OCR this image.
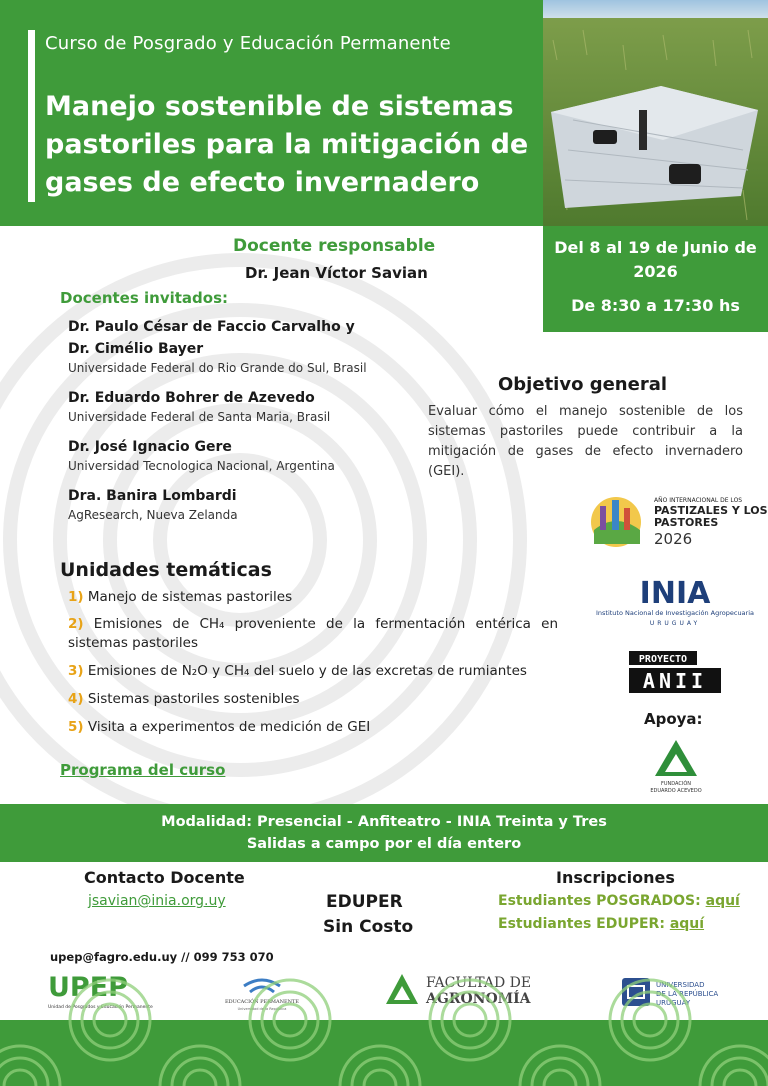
Curso de Posgrado y Educación Permanente
Manejo sostenible de sistemas pastoriles para la mitigación de gases de efecto invernadero
Del 8 al 19 de Junio de 2026
De 8:30 a 17:30 hs
Docente responsable
Dr. Jean Víctor Savian
Docentes invitados:
Dr. Paulo César de Faccio Carvalho y
Dr. Cimélio Bayer
Universidade Federal do Rio Grande do Sul, Brasil
Dr. Eduardo Bohrer de Azevedo
Universidade Federal de Santa Maria, Brasil
Dr. José Ignacio Gere
Universidad Tecnologica Nacional, Argentina
Dra. Banira Lombardi
AgResearch, Nueva Zelanda
Objetivo general
Evaluar cómo el manejo sostenible de los sistemas pastoriles puede contribuir a la mitigación de gases de efecto invernadero (GEI).
AÑO INTERNACIONAL DE LOS
PASTIZALES Y LOS
PASTORES
2026
INIA
Instituto Nacional de Investigación Agropecuaria
URUGUAY
PROYECTO
ANII
Apoya:
FUNDACIÓN
EDUARDO ACEVEDO
Unidades temáticas
1) Manejo de sistemas pastoriles
2) Emisiones de CH₄ proveniente de la fermentación entérica en sistemas pastoriles
3) Emisiones de N₂O y CH₄ del suelo y de las excretas de rumiantes
4) Sistemas pastoriles sostenibles
5) Visita a experimentos de medición de GEI
Programa del curso
Modalidad: Presencial - Anfiteatro - INIA Treinta y Tres
Salidas a campo por el día entero
Contacto Docente
jsavian@inia.org.uy	EDUPER
Sin Costo
Inscripciones
Estudiantes POSGRADOS: aquí
Estudiantes EDUPER: aquí
upep@fagro.edu.uy // 099 753 070
UPEP
Unidad de Posgrados y Educación Permanente
EDUCACIÓN PERMANENTE
Universidad de la República
FACULTAD DE
AGRONOMÍA
UNIVERSIDAD
DE LA REPÚBLICA
URUGUAY
